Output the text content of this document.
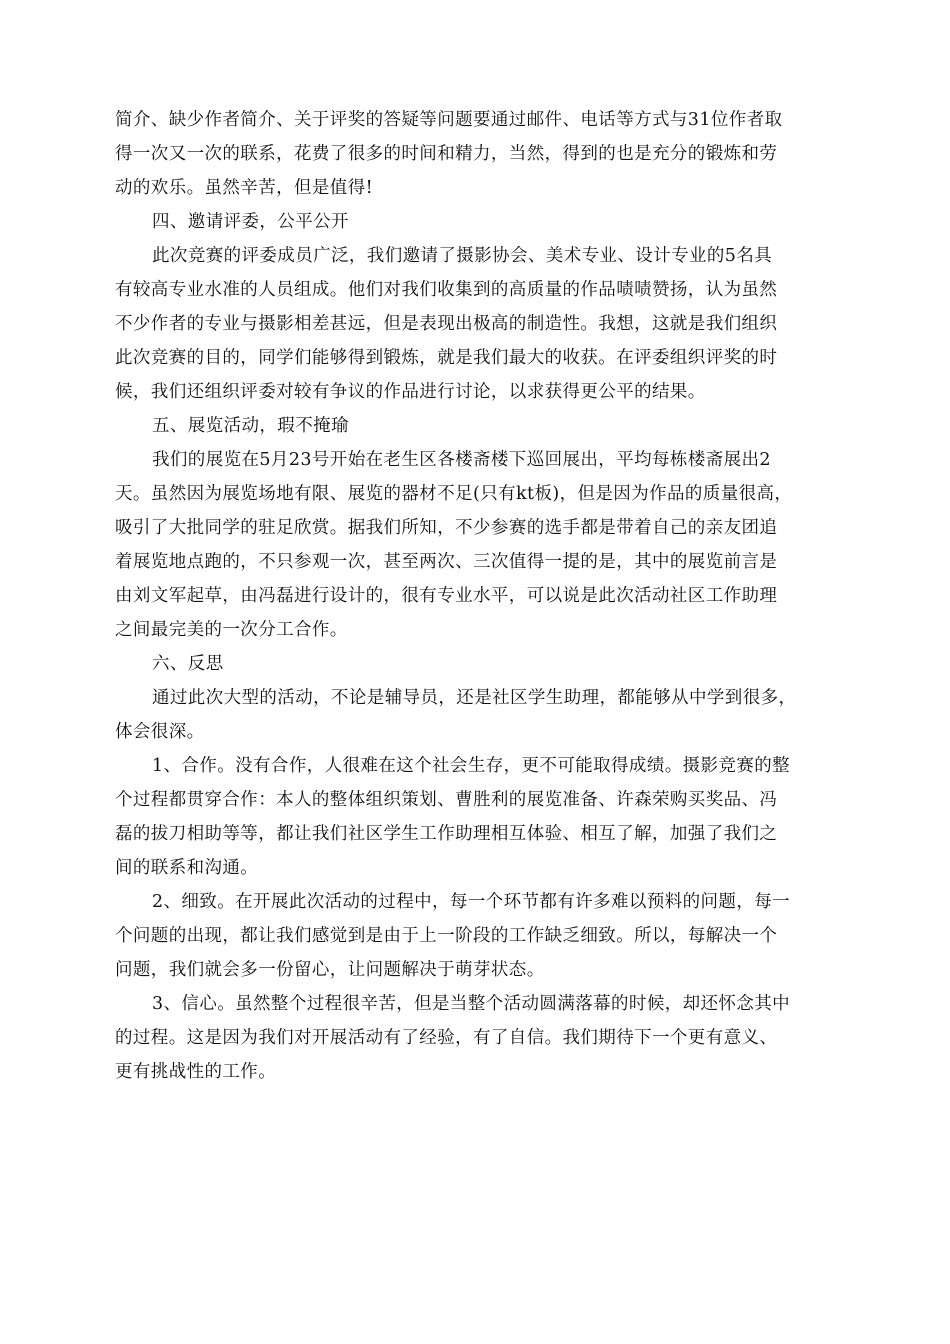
简介、缺少作者简介、关于评奖的答疑等问题要通过邮件、电话等方式与31位作者取
得一次又一次的联系，花费了很多的时间和精力，当然，得到的也是充分的锻炼和劳
动的欢乐。虽然辛苦，但是值得!
四、邀请评委，公平公开
此次竞赛的评委成员广泛，我们邀请了摄影协会、美术专业、设计专业的5名具
有较高专业水准的人员组成。他们对我们收集到的高质量的作品啧啧赞扬，认为虽然
不少作者的专业与摄影相差甚远，但是表现出极高的制造性。我想，这就是我们组织
此次竞赛的目的，同学们能够得到锻炼，就是我们最大的收获。在评委组织评奖的时
候，我们还组织评委对较有争议的作品进行讨论，以求获得更公平的结果。
五、展览活动，瑕不掩瑜
我们的展览在5月23号开始在老生区各楼斋楼下巡回展出，平均每栋楼斋展出2
天。虽然因为展览场地有限、展览的器材不足(只有kt板)，但是因为作品的质量很高，
吸引了大批同学的驻足欣赏。据我们所知，不少参赛的选手都是带着自己的亲友团追
着展览地点跑的，不只参观一次，甚至两次、三次值得一提的是，其中的展览前言是
由刘文军起草，由冯磊进行设计的，很有专业水平，可以说是此次活动社区工作助理
之间最完美的一次分工合作。
六、反思
通过此次大型的活动，不论是辅导员，还是社区学生助理，都能够从中学到很多，
体会很深。
1、合作。没有合作，人很难在这个社会生存，更不可能取得成绩。摄影竞赛的整
个过程都贯穿合作：本人的整体组织策划、曹胜利的展览准备、许森荣购买奖品、冯
磊的拔刀相助等等，都让我们社区学生工作助理相互体验、相互了解，加强了我们之
间的联系和沟通。
2、细致。在开展此次活动的过程中，每一个环节都有许多难以预料的问题，每一
个问题的出现，都让我们感觉到是由于上一阶段的工作缺乏细致。所以，每解决一个
问题，我们就会多一份留心，让问题解决于萌芽状态。
3、信心。虽然整个过程很辛苦，但是当整个活动圆满落幕的时候，却还怀念其中
的过程。这是因为我们对开展活动有了经验，有了自信。我们期待下一个更有意义、
更有挑战性的工作。
